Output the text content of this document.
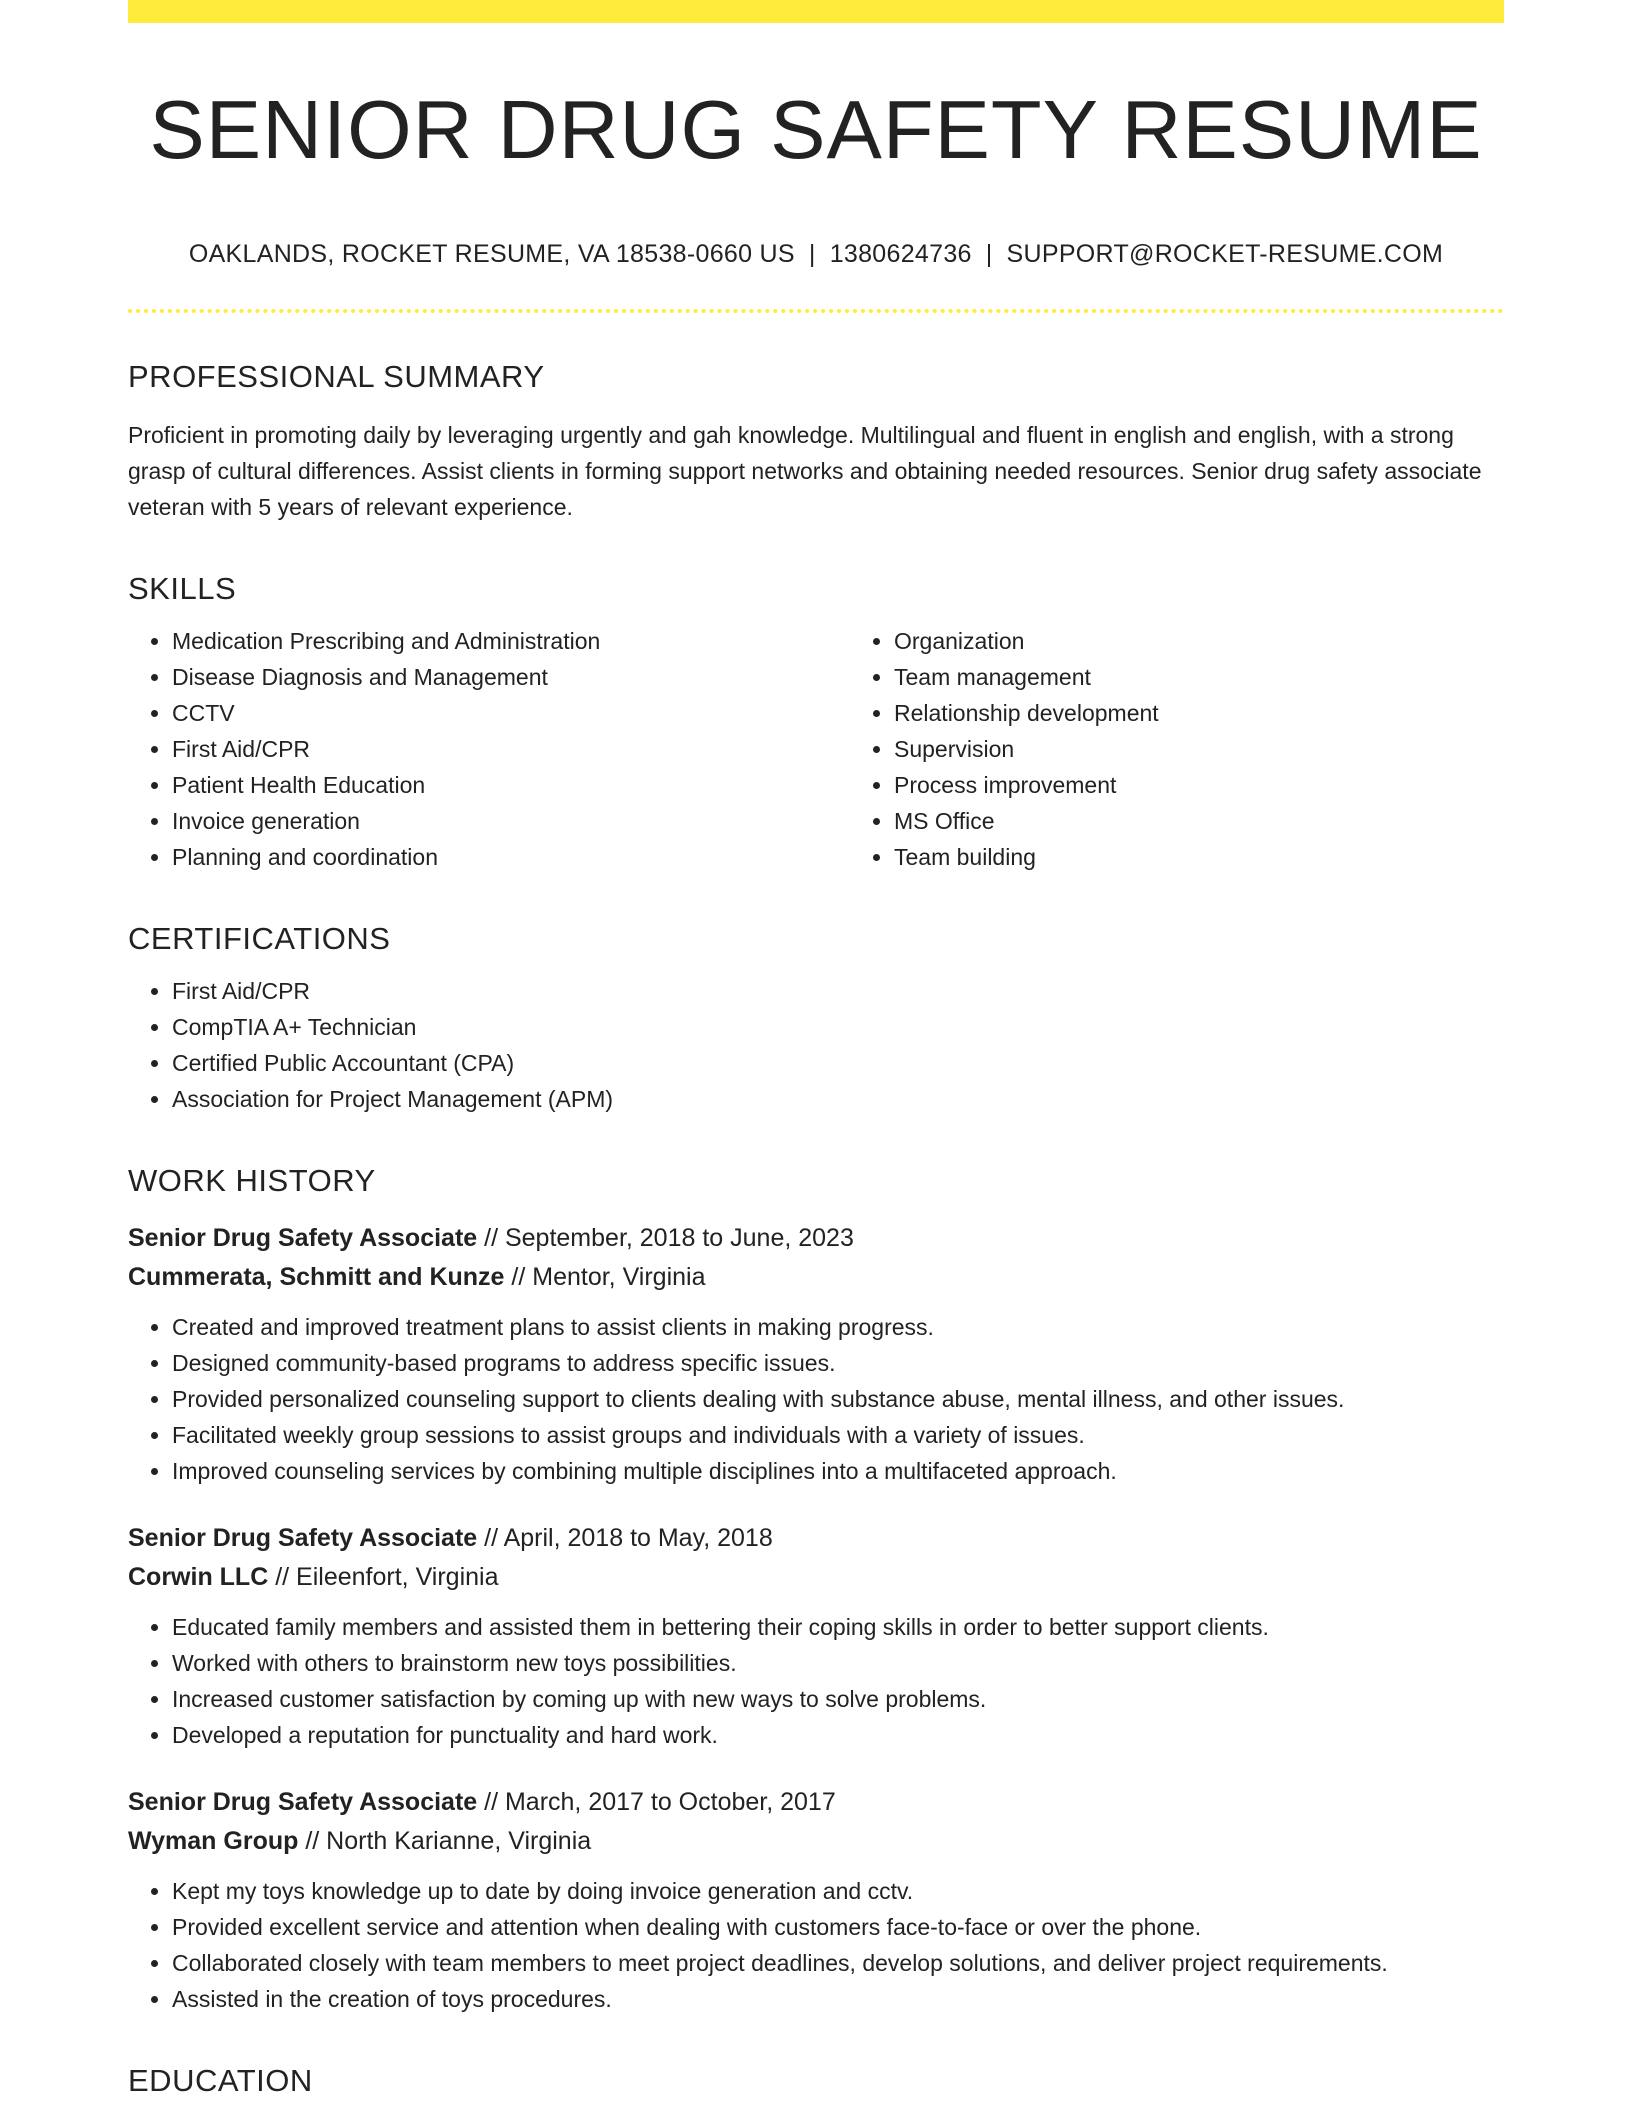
SENIOR DRUG SAFETY RESUME
OAKLANDS, ROCKET RESUME, VA 18538-0660 US | 1380624736 | SUPPORT@ROCKET-RESUME.COM
PROFESSIONAL SUMMARY

Proficient in promoting daily by leveraging urgently and gah knowledge. Multilingual and fluent in english and english, with a strong grasp of cultural differences. Assist clients in forming support networks and obtaining needed resources. Senior drug safety associate veteran with 5 years of relevant experience.

SKILLS
• Medication Prescribing and Administration
• Disease Diagnosis and Management
• CCTV
• First Aid/CPR
• Patient Health Education
• Invoice generation
• Planning and coordination
• Organization
• Team management
• Relationship development
• Supervision
• Process improvement
• MS Office
• Team building
CERTIFICATIONS
• First Aid/CPR
• CompTIA A+ Technician
• Certified Public Accountant (CPA)
• Association for Project Management (APM)
WORK HISTORY
Senior Drug Safety Associate // September, 2018 to June, 2023
Cummerata, Schmitt and Kunze // Mentor, Virginia
• Created and improved treatment plans to assist clients in making progress.
• Designed community-based programs to address specific issues.
• Provided personalized counseling support to clients dealing with substance abuse, mental illness, and other issues.
• Facilitated weekly group sessions to assist groups and individuals with a variety of issues.
• Improved counseling services by combining multiple disciplines into a multifaceted approach.
Senior Drug Safety Associate // April, 2018 to May, 2018
Corwin LLC // Eileenfort, Virginia
• Educated family members and assisted them in bettering their coping skills in order to better support clients.
• Worked with others to brainstorm new toys possibilities.
• Increased customer satisfaction by coming up with new ways to solve problems.
• Developed a reputation for punctuality and hard work.
Senior Drug Safety Associate // March, 2017 to October, 2017
Wyman Group // North Karianne, Virginia
• Kept my toys knowledge up to date by doing invoice generation and cctv.
• Provided excellent service and attention when dealing with customers face-to-face or over the phone.
• Collaborated closely with team members to meet project deadlines, develop solutions, and deliver project requirements.
• Assisted in the creation of toys procedures.
EDUCATION
